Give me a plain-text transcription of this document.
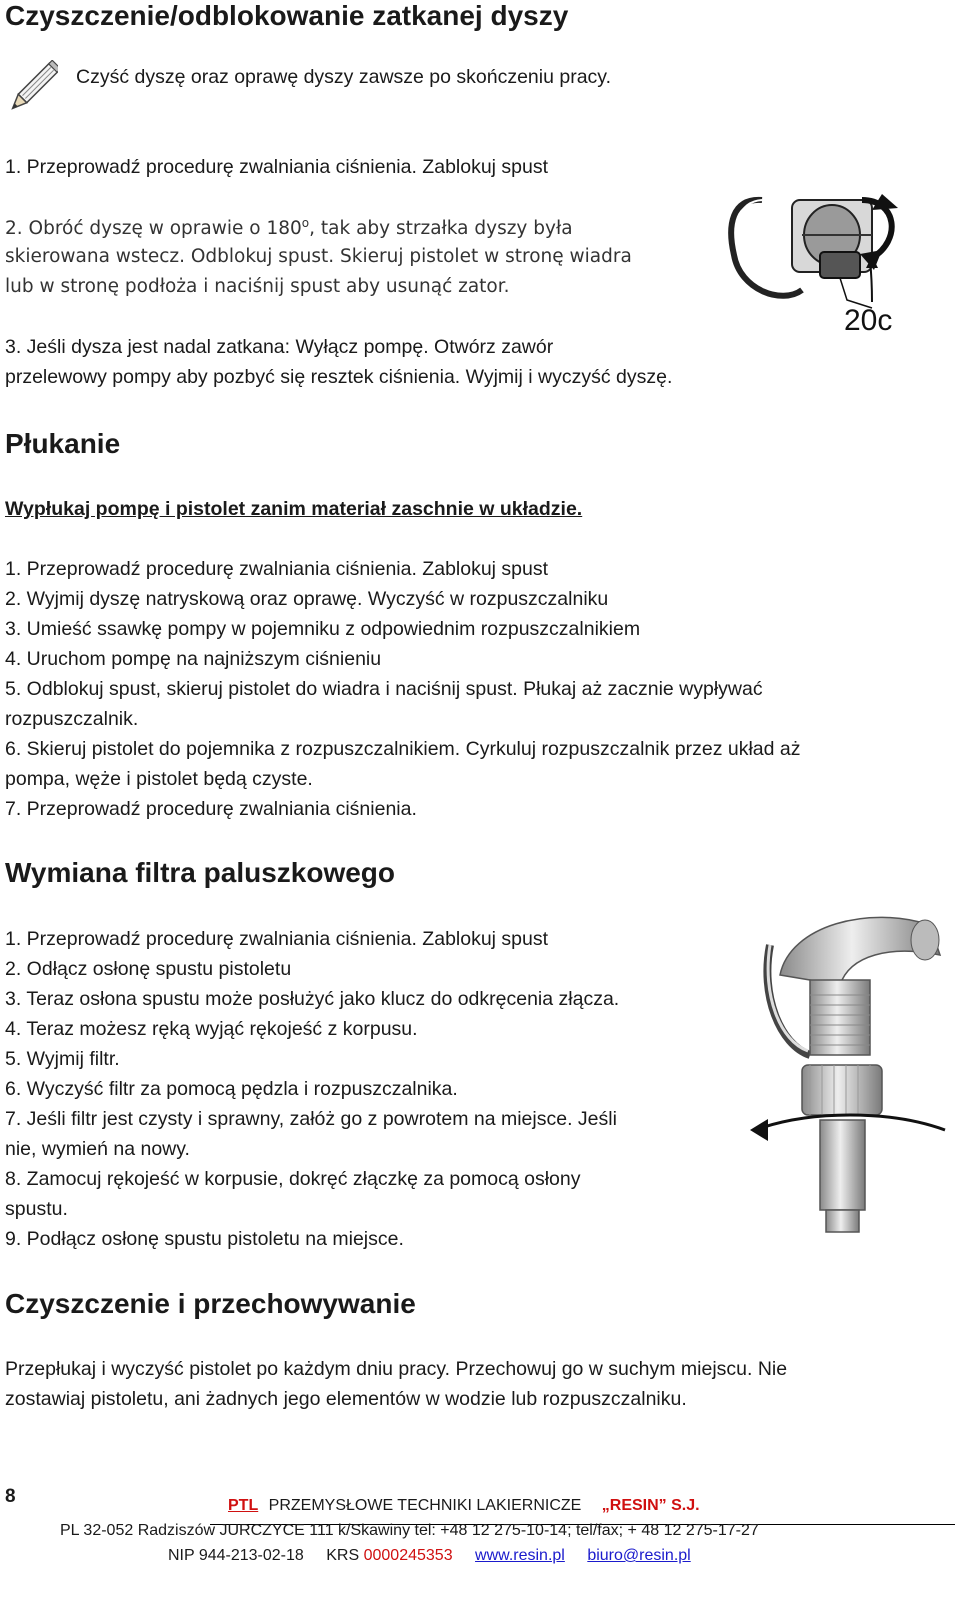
Czyszczenie/odblokowanie zatkanej dyszy
Czyść dyszę oraz oprawę dyszy zawsze po skończeniu pracy.
1. Przeprowadź procedurę zwalniania ciśnienia. Zablokuj spust
2. Obróć dyszę w oprawie o 180$^o$, tak aby strzałka dyszy była
skierowana wstecz. Odblokuj spust. Skieruj pistolet w stronę wiadra
lub w stronę podłoża i naciśnij spust aby usunąć zator.
3. Jeśli dysza jest nadal zatkana: Wyłącz pompę. Otwórz zawór
przelewowy pompy aby pozbyć się resztek ciśnienia. Wyjmij i wyczyść dyszę.
20c
Płukanie
Wypłukaj pompę i pistolet zanim materiał zaschnie w układzie.
1. Przeprowadź procedurę zwalniania ciśnienia. Zablokuj spust
2. Wyjmij dyszę natryskową oraz oprawę. Wyczyść w rozpuszczalniku
3. Umieść ssawkę pompy w pojemniku z odpowiednim rozpuszczalnikiem
4. Uruchom pompę na najniższym ciśnieniu
5. Odblokuj spust, skieruj pistolet do wiadra i naciśnij spust. Płukaj aż zacznie wypływać
rozpuszczalnik.
6. Skieruj pistolet do pojemnika z rozpuszczalnikiem. Cyrkuluj rozpuszczalnik przez układ aż
pompa, węże i pistolet będą czyste.
7. Przeprowadź procedurę zwalniania ciśnienia.
Wymiana filtra paluszkowego
1. Przeprowadź procedurę zwalniania ciśnienia. Zablokuj spust
2. Odłącz osłonę spustu pistoletu
3. Teraz osłona spustu może posłużyć jako klucz do odkręcenia złącza.
4. Teraz możesz ręką wyjąć rękojeść z korpusu.
5. Wyjmij filtr.
6. Wyczyść filtr za pomocą pędzla i rozpuszczalnika.
7. Jeśli filtr jest czysty i sprawny, załóż go z powrotem na miejsce. Jeśli
nie, wymień na nowy.
8. Zamocuj rękojeść w korpusie, dokręć złączkę za pomocą osłony
spustu.
9. Podłącz osłonę spustu pistoletu na miejsce.
Czyszczenie i przechowywanie
Przepłukaj i wyczyść pistolet po każdym dniu pracy. Przechowuj go w suchym miejscu. Nie
zostawiaj pistoletu, ani żadnych jego elementów w wodzie lub rozpuszczalniku.
8	PTL PRZEMYSŁOWE TECHNIKI LAKIERNICZE „RESIN” S.J.
PL 32-052 Radziszów JURCZYCE 111 k/Skawiny tel: +48 12 275-10-14; tel/fax; + 48 12 275-17-27
NIP 944-213-02-18 KRS 0000245353 www.resin.pl biuro@resin.pl
